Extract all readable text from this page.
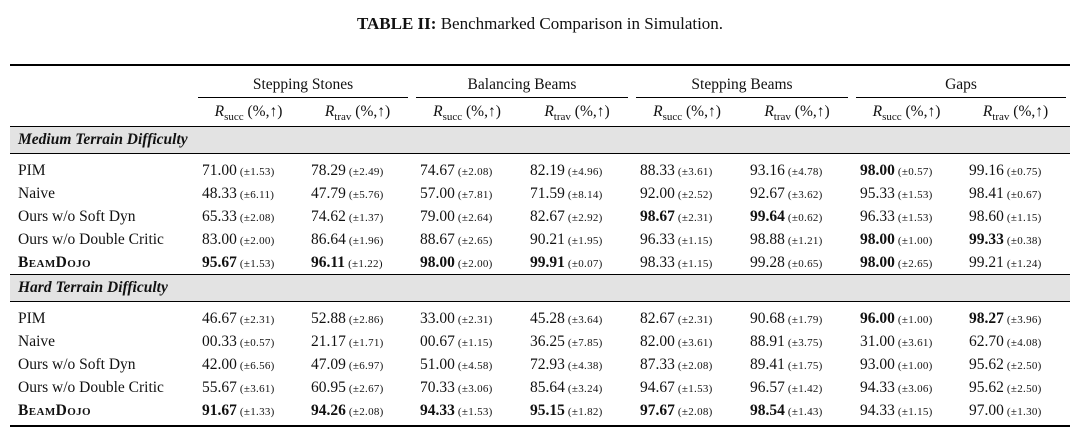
TABLE II: Benchmarked Comparison in Simulation.

	Stepping Stones		Balancing Beams		Stepping Beams		Gaps	
	$R_{succ}$ (%,↑)	$R_{trav}$ (%,↑)	$R_{succ}$ (%,↑)	$R_{trav}$ (%,↑)	$R_{succ}$ (%,↑)	$R_{trav}$ (%,↑)	$R_{succ}$ (%,↑)	$R_{trav}$ (%,↑)
Medium Terrain Difficulty								

PIM	71.00 (±1.53)	78.29 (±2.49)	74.67 (±2.08)	82.19 (±4.96)	88.33 (±3.61)	93.16 (±4.78)	98.00 (±0.57)	99.16 (±0.75)
Naive	48.33 (±6.11)	47.79 (±5.76)	57.00 (±7.81)	71.59 (±8.14)	92.00 (±2.52)	92.67 (±3.62)	95.33 (±1.53)	98.41 (±0.67)
Ours w/o Soft Dyn	65.33 (±2.08)	74.62 (±1.37)	79.00 (±2.64)	82.67 (±2.92)	98.67 (±2.31)	99.64 (±0.62)	96.33 (±1.53)	98.60 (±1.15)
Ours w/o Double Critic	83.00 (±2.00)	86.64 (±1.96)	88.67 (±2.65)	90.21 (±1.95)	96.33 (±1.15)	98.88 (±1.21)	98.00 (±1.00)	99.33 (±0.38)
BeamDojo	95.67 (±1.53)	96.11 (±1.22)	98.00 (±2.00)	99.91 (±0.07)	98.33 (±1.15)	99.28 (±0.65)	98.00 (±2.65)	99.21 (±1.24)
Hard Terrain Difficulty								

PIM	46.67 (±2.31)	52.88 (±2.86)	33.00 (±2.31)	45.28 (±3.64)	82.67 (±2.31)	90.68 (±1.79)	96.00 (±1.00)	98.27 (±3.96)
Naive	00.33 (±0.57)	21.17 (±1.71)	00.67 (±1.15)	36.25 (±7.85)	82.00 (±3.61)	88.91 (±3.75)	31.00 (±3.61)	62.70 (±4.08)
Ours w/o Soft Dyn	42.00 (±6.56)	47.09 (±6.97)	51.00 (±4.58)	72.93 (±4.38)	87.33 (±2.08)	89.41 (±1.75)	93.00 (±1.00)	95.62 (±2.50)
Ours w/o Double Critic	55.67 (±3.61)	60.95 (±2.67)	70.33 (±3.06)	85.64 (±3.24)	94.67 (±1.53)	96.57 (±1.42)	94.33 (±3.06)	95.62 (±2.50)
BeamDojo	91.67 (±1.33)	94.26 (±2.08)	94.33 (±1.53)	95.15 (±1.82)	97.67 (±2.08)	98.54 (±1.43)	94.33 (±1.15)	97.00 (±1.30)
